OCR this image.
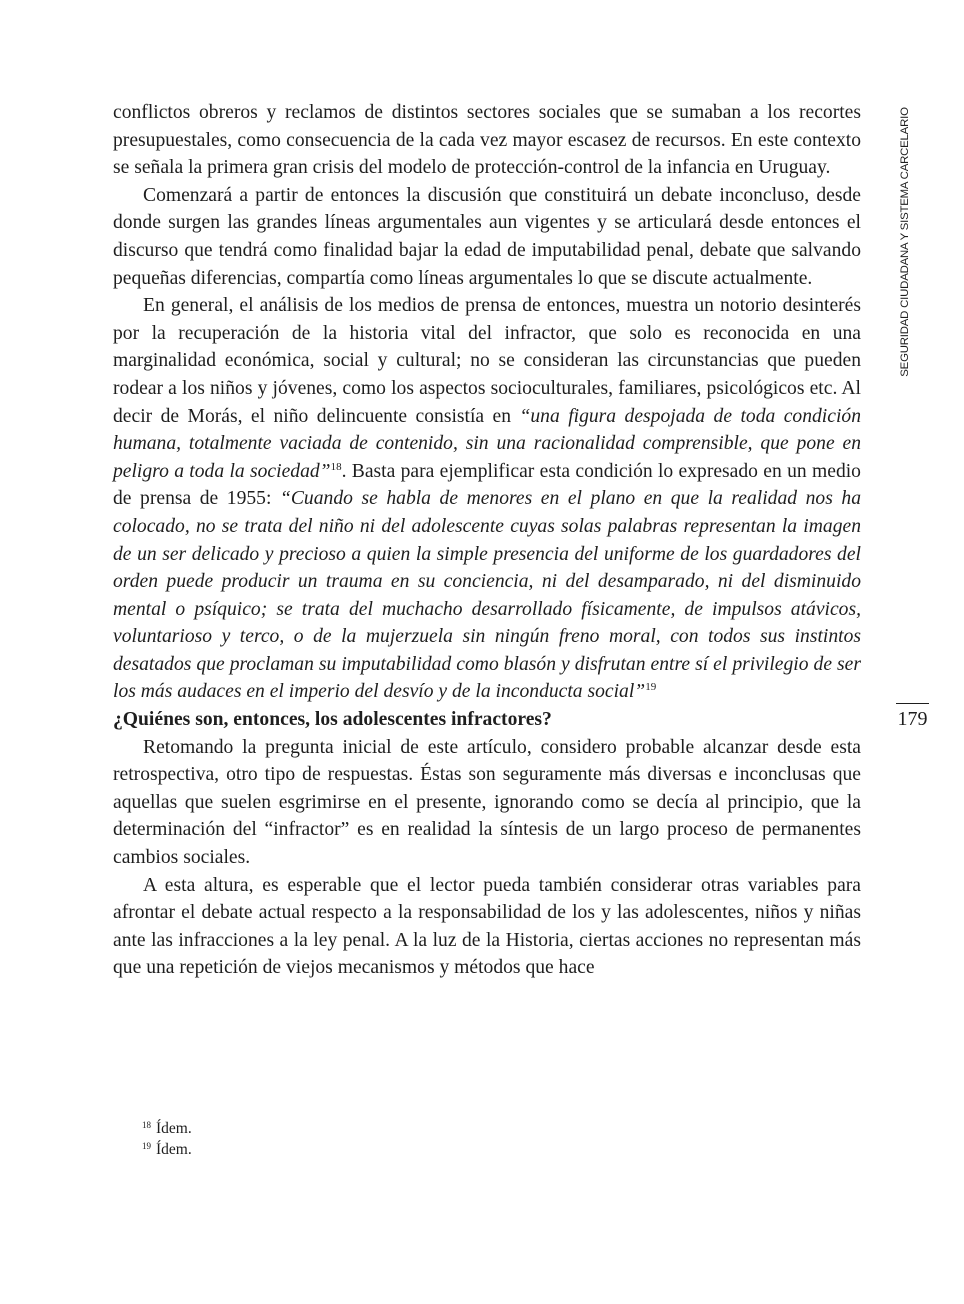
SEGURIDAD CIUDADANA Y SISTEMA CARCELARIO
179

conflictos obreros y reclamos de distintos sectores sociales que se sumaban a los recortes presupuestales, como consecuencia de la cada vez mayor escasez de recursos. En este contexto se señala la primera gran crisis del modelo de protección-control de la infancia en Uruguay.

Comenzará a partir de entonces la discusión que constituirá un debate inconcluso, desde donde surgen las grandes líneas argumentales aun vigentes y se articulará desde entonces el discurso que tendrá como finalidad bajar la edad de imputabilidad penal, debate que salvando pequeñas diferencias, compartía como líneas argumentales lo que se discute actualmente.

En general, el análisis de los medios de prensa de entonces, muestra un notorio desinterés por la recuperación de la historia vital del infractor, que solo es reconocida en una marginalidad económica, social y cultural; no se consideran las circunstancias que pueden rodear a los niños y jóvenes, como los aspectos socioculturales, familiares, psicológicos etc. Al decir de Morás, el niño delincuente consistía en “una figura despojada de toda condición humana, totalmente vaciada de contenido, sin una racionalidad comprensible, que pone en peligro a toda la sociedad”$^{18}$. Basta para ejemplificar esta condición lo expresado en un medio de prensa de 1955: “Cuando se habla de menores en el plano en que la realidad nos ha colocado, no se trata del niño ni del adolescente cuyas solas palabras representan la imagen de un ser delicado y precioso a quien la simple presencia del uniforme de los guardadores del orden puede producir un trauma en su conciencia, ni del desamparado, ni del disminuido mental o psíquico; se trata del muchacho desarrollado físicamente, de impulsos atávicos, voluntarioso y terco, o de la mujerzuela sin ningún freno moral, con todos sus instintos desatados que proclaman su imputabilidad como blasón y disfrutan entre sí el privilegio de ser los más audaces en el imperio del desvío y de la inconducta social”$^{19}$

¿Quiénes son, entonces, los adolescentes infractores?

Retomando la pregunta inicial de este artículo, considero probable alcanzar desde esta retrospectiva, otro tipo de respuestas. Éstas son seguramente más diversas e inconclusas que aquellas que suelen esgrimirse en el presente, ignorando como se decía al principio, que la determinación del “infractor” es en realidad la síntesis de un largo proceso de permanentes cambios sociales.

A esta altura, es esperable que el lector pueda también considerar otras variables para afrontar el debate actual respecto a la responsabilidad de los y las adolescentes, niños y niñas ante las infracciones a la ley penal. A la luz de la Historia, ciertas acciones no representan más que una repetición de viejos mecanismos y métodos que hace

$^{18}$ Ídem.
$^{19}$ Ídem.
